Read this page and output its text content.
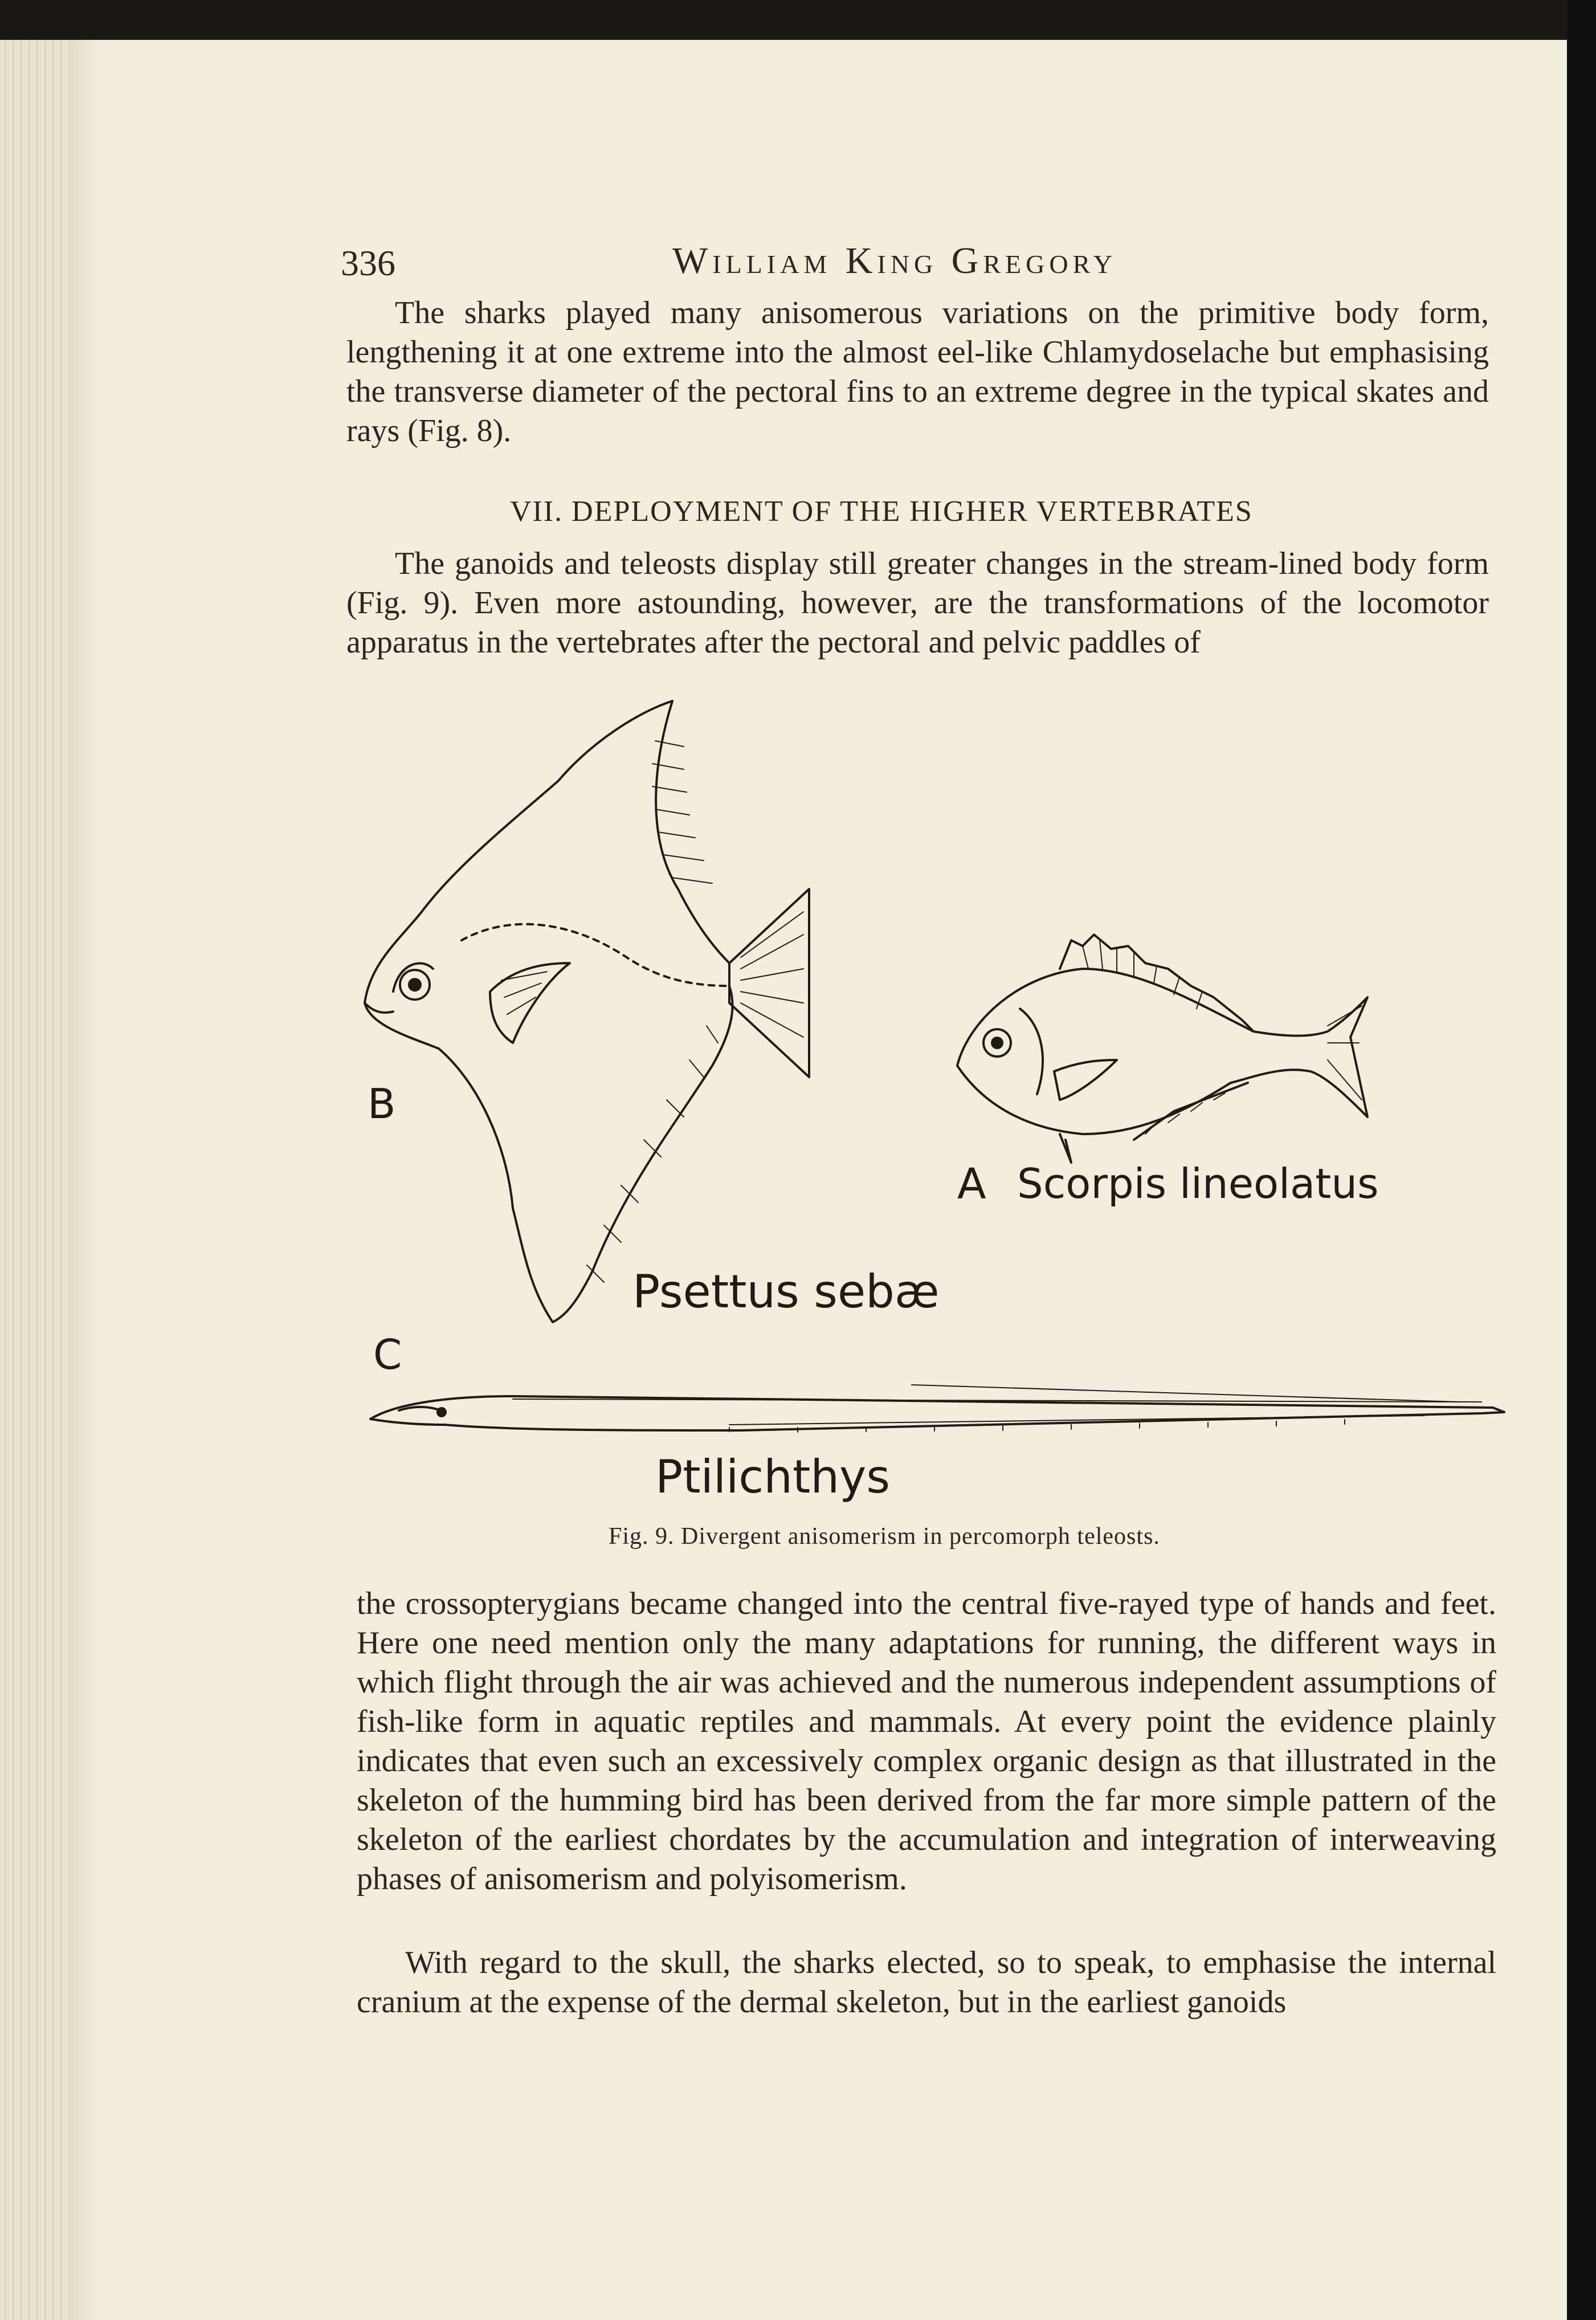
336	William King Gregory

The sharks played many anisomerous variations on the primitive body form, lengthening it at one extreme into the almost eel-like Chlamydoselache but emphasising the transverse diameter of the pectoral fins to an extreme degree in the typical skates and rays (Fig. 8).

VII. DEPLOYMENT OF THE HIGHER VERTEBRATES

The ganoids and teleosts display still greater changes in the stream-lined body form (Fig. 9). Even more astounding, however, are the transformations of the locomotor apparatus in the vertebrates after the pectoral and pelvic paddles of

B
Psettus sebæ
A Scorpis lineolatus
C
Ptilichthys
Fig. 9. Divergent anisomerism in percomorph teleosts.

the crossopterygians became changed into the central five-rayed type of hands and feet. Here one need mention only the many adaptations for running, the different ways in which flight through the air was achieved and the numerous independent assumptions of fish-like form in aquatic reptiles and mammals. At every point the evidence plainly indicates that even such an excessively complex organic design as that illustrated in the skeleton of the humming bird has been derived from the far more simple pattern of the skeleton of the earliest chordates by the accumulation and integration of interweaving phases of anisomerism and polyisomerism.

With regard to the skull, the sharks elected, so to speak, to emphasise the internal cranium at the expense of the dermal skeleton, but in the earliest ganoids
